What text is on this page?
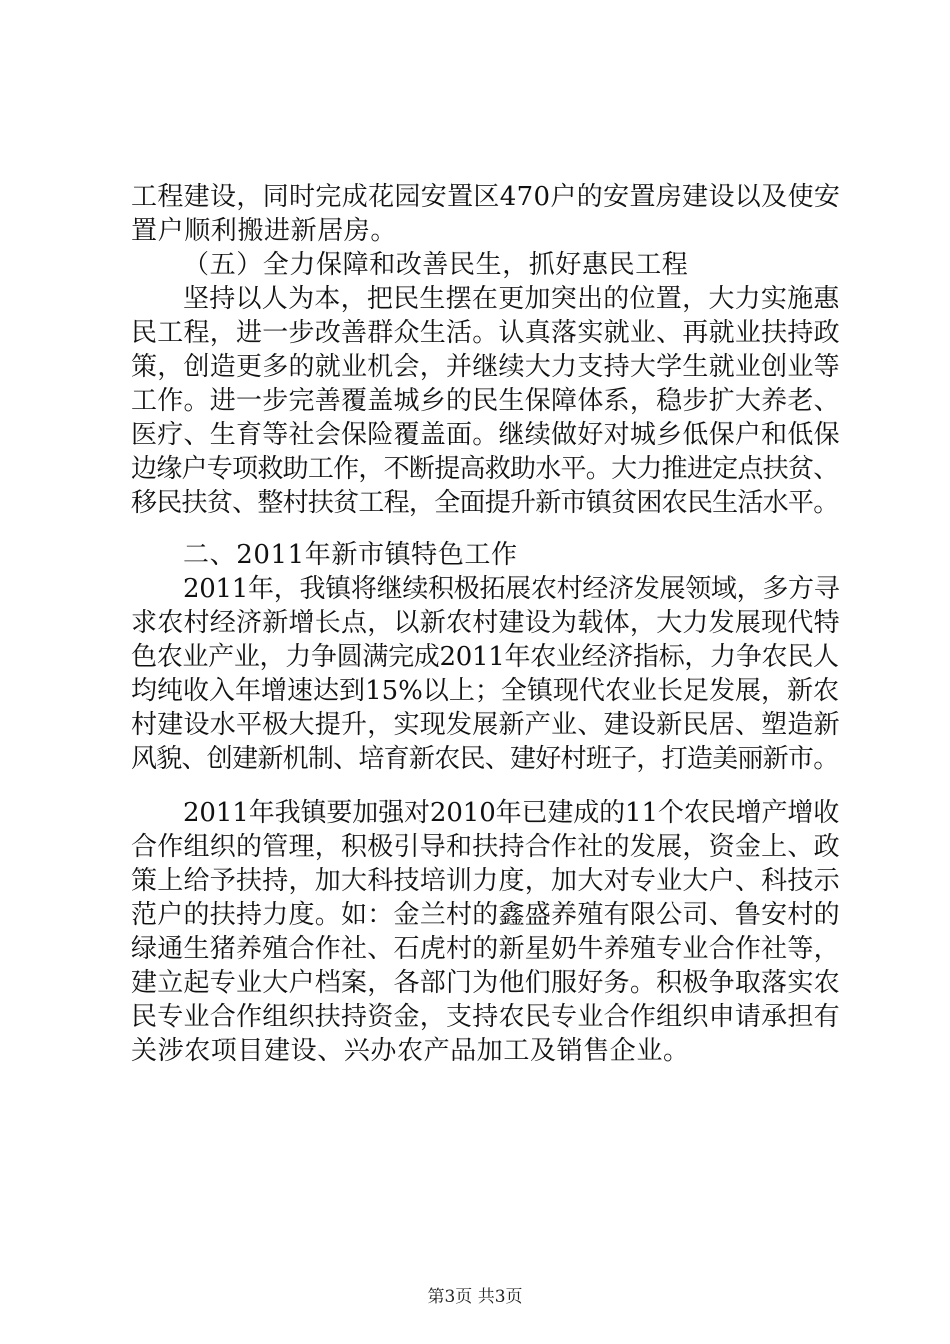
工程建设，同时完成花园安置区470户的安置房建设以及使安
置户顺利搬进新居房。
（五）全力保障和改善民生，抓好惠民工程
坚持以人为本，把民生摆在更加突出的位置，大力实施惠
民工程，进一步改善群众生活。认真落实就业、再就业扶持政
策，创造更多的就业机会，并继续大力支持大学生就业创业等
工作。进一步完善覆盖城乡的民生保障体系，稳步扩大养老、
医疗、生育等社会保险覆盖面。继续做好对城乡低保户和低保
边缘户专项救助工作，不断提高救助水平。大力推进定点扶贫、
移民扶贫、整村扶贫工程，全面提升新市镇贫困农民生活水平。
二、2011年新市镇特色工作
2011年，我镇将继续积极拓展农村经济发展领域，多方寻
求农村经济新增长点，以新农村建设为载体，大力发展现代特
色农业产业，力争圆满完成2011年农业经济指标，力争农民人
均纯收入年增速达到15%以上；全镇现代农业长足发展，新农
村建设水平极大提升，实现发展新产业、建设新民居、塑造新
风貌、创建新机制、培育新农民、建好村班子，打造美丽新市。
2011年我镇要加强对2010年已建成的11个农民增产增收
合作组织的管理，积极引导和扶持合作社的发展，资金上、政
策上给予扶持，加大科技培训力度，加大对专业大户、科技示
范户的扶持力度。如：金兰村的鑫盛养殖有限公司、鲁安村的
绿通生猪养殖合作社、石虎村的新星奶牛养殖专业合作社等，
建立起专业大户档案，各部门为他们服好务。积极争取落实农
民专业合作组织扶持资金，支持农民专业合作组织申请承担有
关涉农项目建设、兴办农产品加工及销售企业。
第3页 共3页
